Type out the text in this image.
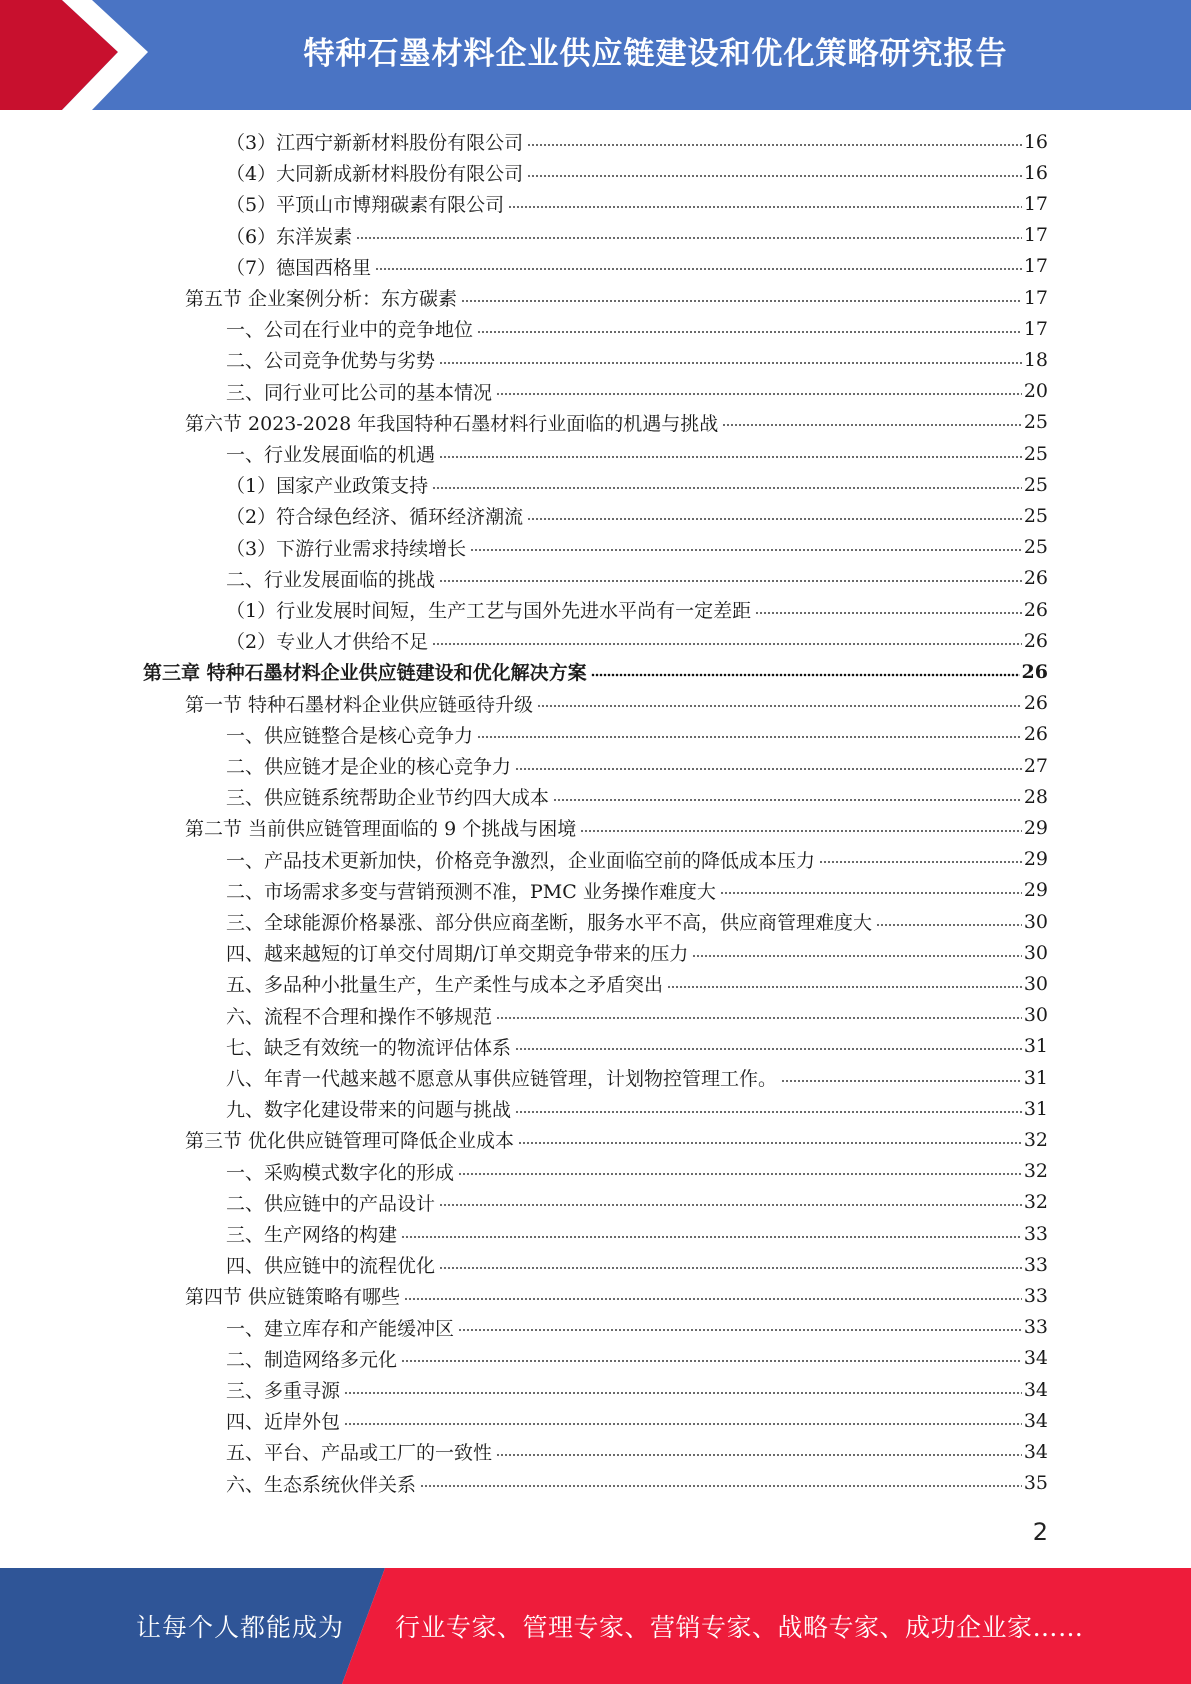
特种石墨材料企业供应链建设和优化策略研究报告
（3）江西宁新新材料股份有限公司	16
（4）大同新成新材料股份有限公司	16
（5）平顶山市博翔碳素有限公司	17
（6）东洋炭素	17
（7）德国西格里	17
第五节 企业案例分析：东方碳素	17
一、公司在行业中的竞争地位	17
二、公司竞争优势与劣势	18
三、同行业可比公司的基本情况	20
第六节 2023-2028 年我国特种石墨材料行业面临的机遇与挑战	25
一、行业发展面临的机遇	25
（1）国家产业政策支持	25
（2）符合绿色经济、循环经济潮流	25
（3）下游行业需求持续增长	25
二、行业发展面临的挑战	26
（1）行业发展时间短，生产工艺与国外先进水平尚有一定差距	26
（2）专业人才供给不足	26
第三章 特种石墨材料企业供应链建设和优化解决方案	26
第一节 特种石墨材料企业供应链亟待升级	26
一、供应链整合是核心竞争力	26
二、供应链才是企业的核心竞争力	27
三、供应链系统帮助企业节约四大成本	28
第二节 当前供应链管理面临的 9 个挑战与困境	29
一、产品技术更新加快，价格竞争激烈，企业面临空前的降低成本压力	29
二、市场需求多变与营销预测不准，PMC 业务操作难度大	29
三、全球能源价格暴涨、部分供应商垄断，服务水平不高，供应商管理难度大	30
四、越来越短的订单交付周期/订单交期竞争带来的压力	30
五、多品种小批量生产，生产柔性与成本之矛盾突出	30
六、流程不合理和操作不够规范	30
七、缺乏有效统一的物流评估体系	31
八、年青一代越来越不愿意从事供应链管理，计划物控管理工作。	31
九、数字化建设带来的问题与挑战	31
第三节 优化供应链管理可降低企业成本	32
一、采购模式数字化的形成	32
二、供应链中的产品设计	32
三、生产网络的构建	33
四、供应链中的流程优化	33
第四节 供应链策略有哪些	33
一、建立库存和产能缓冲区	33
二、制造网络多元化	34
三、多重寻源	34
四、近岸外包	34
五、平台、产品或工厂的一致性	34
六、生态系统伙伴关系	35
2
让每个人都能成为	行业专家、管理专家、营销专家、战略专家、成功企业家……
